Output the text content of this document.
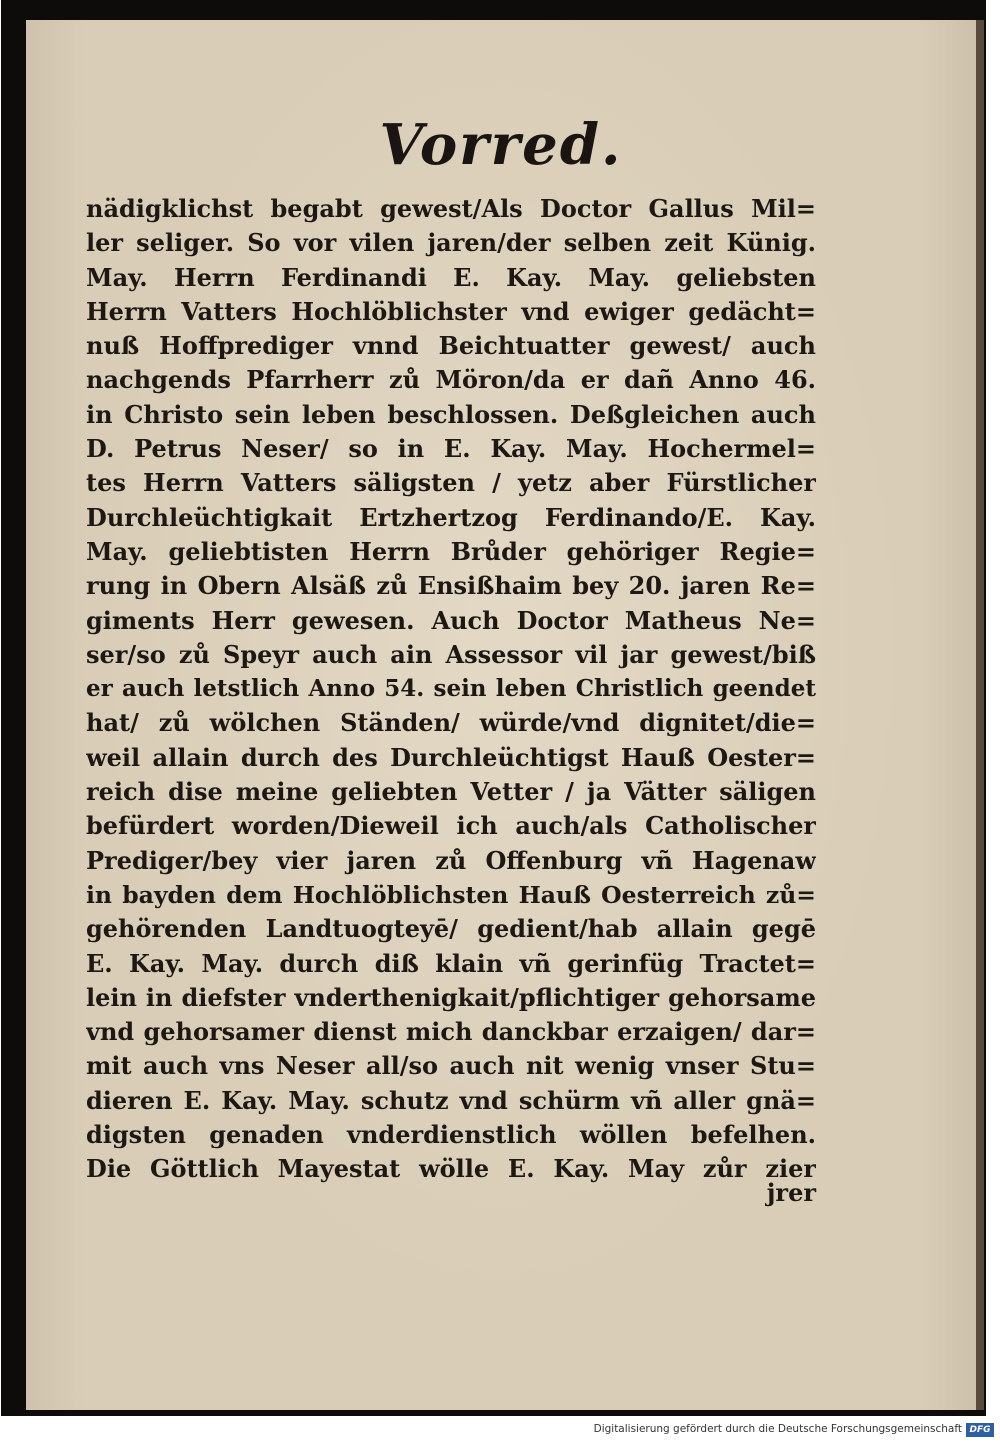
Vorred.
nädigklichst begabt gewest/Als Doctor Gallus Mil=
ler seliger. So vor vilen jaren/der selben zeit Künig.
May. Herrn Ferdinandi E. Kay. May. geliebsten
Herrn Vatters Hochlöblichster vnd ewiger gedächt=
nuß Hoffprediger vnnd Beichtuatter gewest/ auch
nachgends Pfarrherr zů Möron/da er dañ Anno 46.
in Christo sein leben beschlossen. Deßgleichen auch
D. Petrus Neser/ so in E. Kay. May. Hochermel=
tes Herrn Vatters säligsten / yetz aber Fürstlicher
Durchleüchtigkait Ertzhertzog Ferdinando/E. Kay.
May. geliebtisten Herrn Brůder gehöriger Regie=
rung in Obern Alsäß zů Ensißhaim bey 20. jaren Re=
giments Herr gewesen. Auch Doctor Matheus Ne=
ser/so zů Speyr auch ain Assessor vil jar gewest/biß
er auch letstlich Anno 54. sein leben Christlich geendet
hat/ zů wölchen Ständen/ würde/vnd dignitet/die=
weil allain durch des Durchleüchtigst Hauß Oester=
reich dise meine geliebten Vetter / ja Vätter säligen
befürdert worden/Dieweil ich auch/als Catholischer
Prediger/bey vier jaren zů Offenburg vñ Hagenaw
in bayden dem Hochlöblichsten Hauß Oesterreich zů=
gehörenden Landtuogteyē/ gedient/hab allain gegē
E. Kay. May. durch diß klain vñ gerinfüg Tractet=
lein in diefster vnderthenigkait/pflichtiger gehorsame
vnd gehorsamer dienst mich danckbar erzaigen/ dar=
mit auch vns Neser all/so auch nit wenig vnser Stu=
dieren E. Kay. May. schutz vnd schürm vñ aller gnä=
digsten genaden vnderdienstlich wöllen befelhen.
Die Göttlich Mayestat wölle E. Kay. May zůr zier
jrer
Digitalisierung gefördert durch die Deutsche Forschungsgemeinschaft DFG
